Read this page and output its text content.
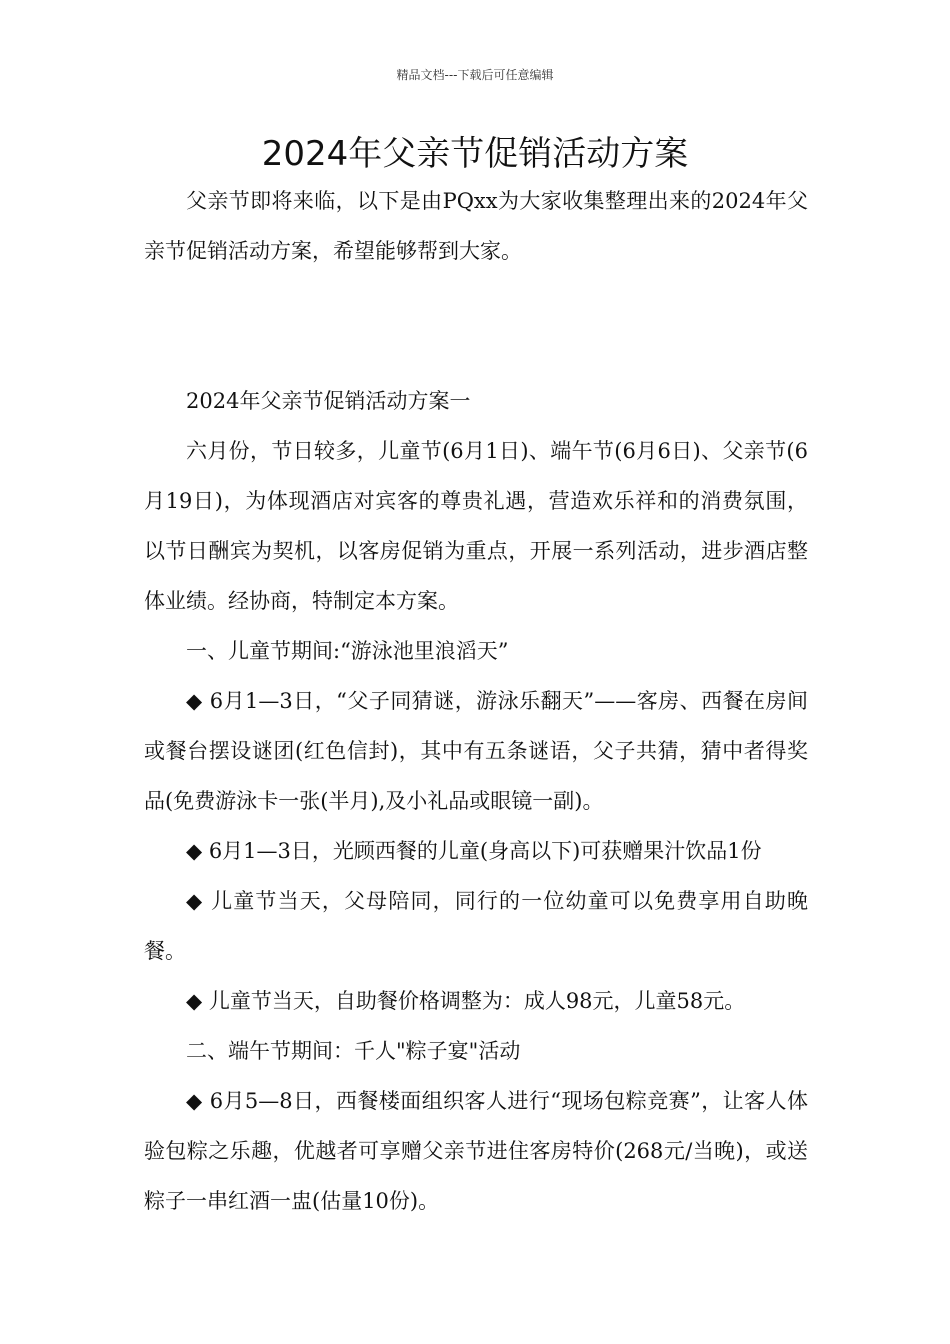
精品文档---下载后可任意编辑
2024年父亲节促销活动方案

父亲节即将来临，以下是由PQxx为大家收集整理出来的2024年父亲节促销活动方案，希望能够帮到大家。

2024年父亲节促销活动方案一

六月份，节日较多，儿童节(6月1日)、端午节(6月6日)、父亲节(6月19日)，为体现酒店对宾客的尊贵礼遇，营造欢乐祥和的消费氛围，以节日酬宾为契机，以客房促销为重点，开展一系列活动，进步酒店整体业绩。经协商，特制定本方案。

一、儿童节期间:“游泳池里浪滔天”

◆ 6月1—3日，“父子同猜谜，游泳乐翻天”——客房、西餐在房间或餐台摆设谜团(红色信封)，其中有五条谜语，父子共猜，猜中者得奖品(免费游泳卡一张(半月),及小礼品或眼镜一副)。

◆ 6月1—3日，光顾西餐的儿童(身高以下)可获赠果汁饮品1份

◆ 儿童节当天，父母陪同，同行的一位幼童可以免费享用自助晚餐。

◆ 儿童节当天，自助餐价格调整为：成人98元，儿童58元。

二、端午节期间：千人"粽子宴"活动

◆ 6月5—8日，西餐楼面组织客人进行“现场包粽竞赛”，让客人体验包粽之乐趣，优越者可享赠父亲节进住客房特价(268元/当晚)，或送粽子一串红酒一盅(估量10份)。
